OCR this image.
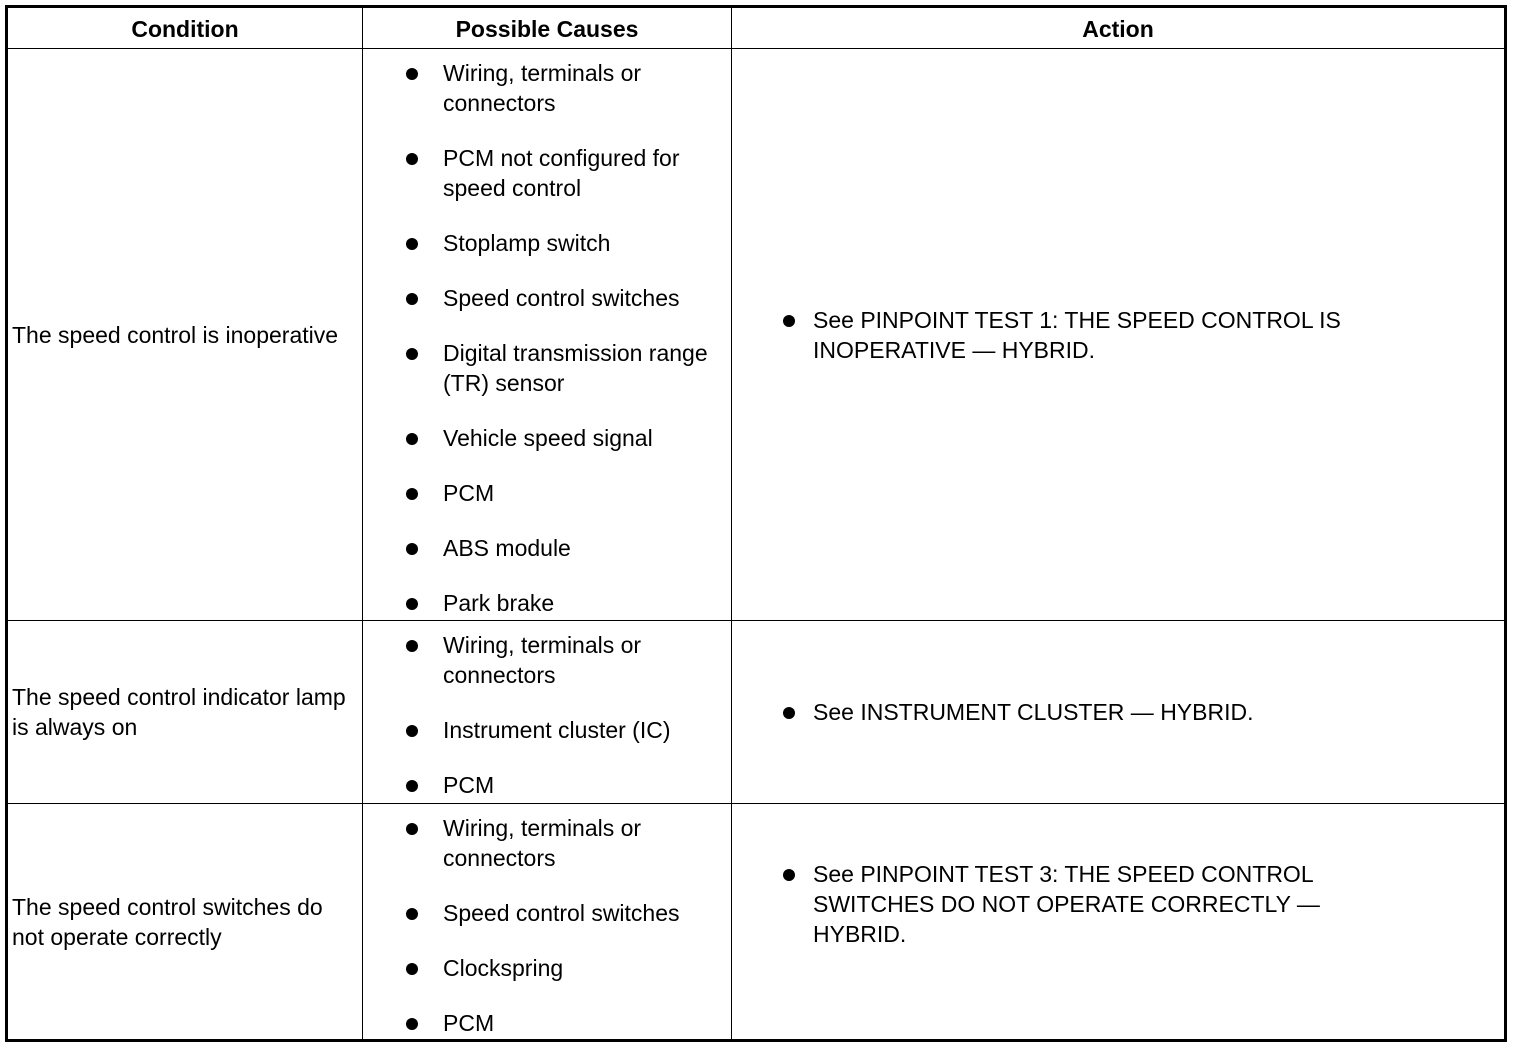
Condition	Possible Causes	Action
The speed control is inoperative
Wiring, terminals or connectors
PCM not configured for speed control
Stoplamp switch
Speed control switches
Digital transmission range (TR) sensor
Vehicle speed signal
PCM
ABS module
Park brake
See PINPOINT TEST 1: THE SPEED CONTROL IS INOPERATIVE — HYBRID.
The speed control indicator lamp is always on
Wiring, terminals or connectors
Instrument cluster (IC)
PCM
See INSTRUMENT CLUSTER — HYBRID.
The speed control switches do not operate correctly
Wiring, terminals or connectors
Speed control switches
Clockspring
PCM
See PINPOINT TEST 3: THE SPEED CONTROL SWITCHES DO NOT OPERATE CORRECTLY — HYBRID.
